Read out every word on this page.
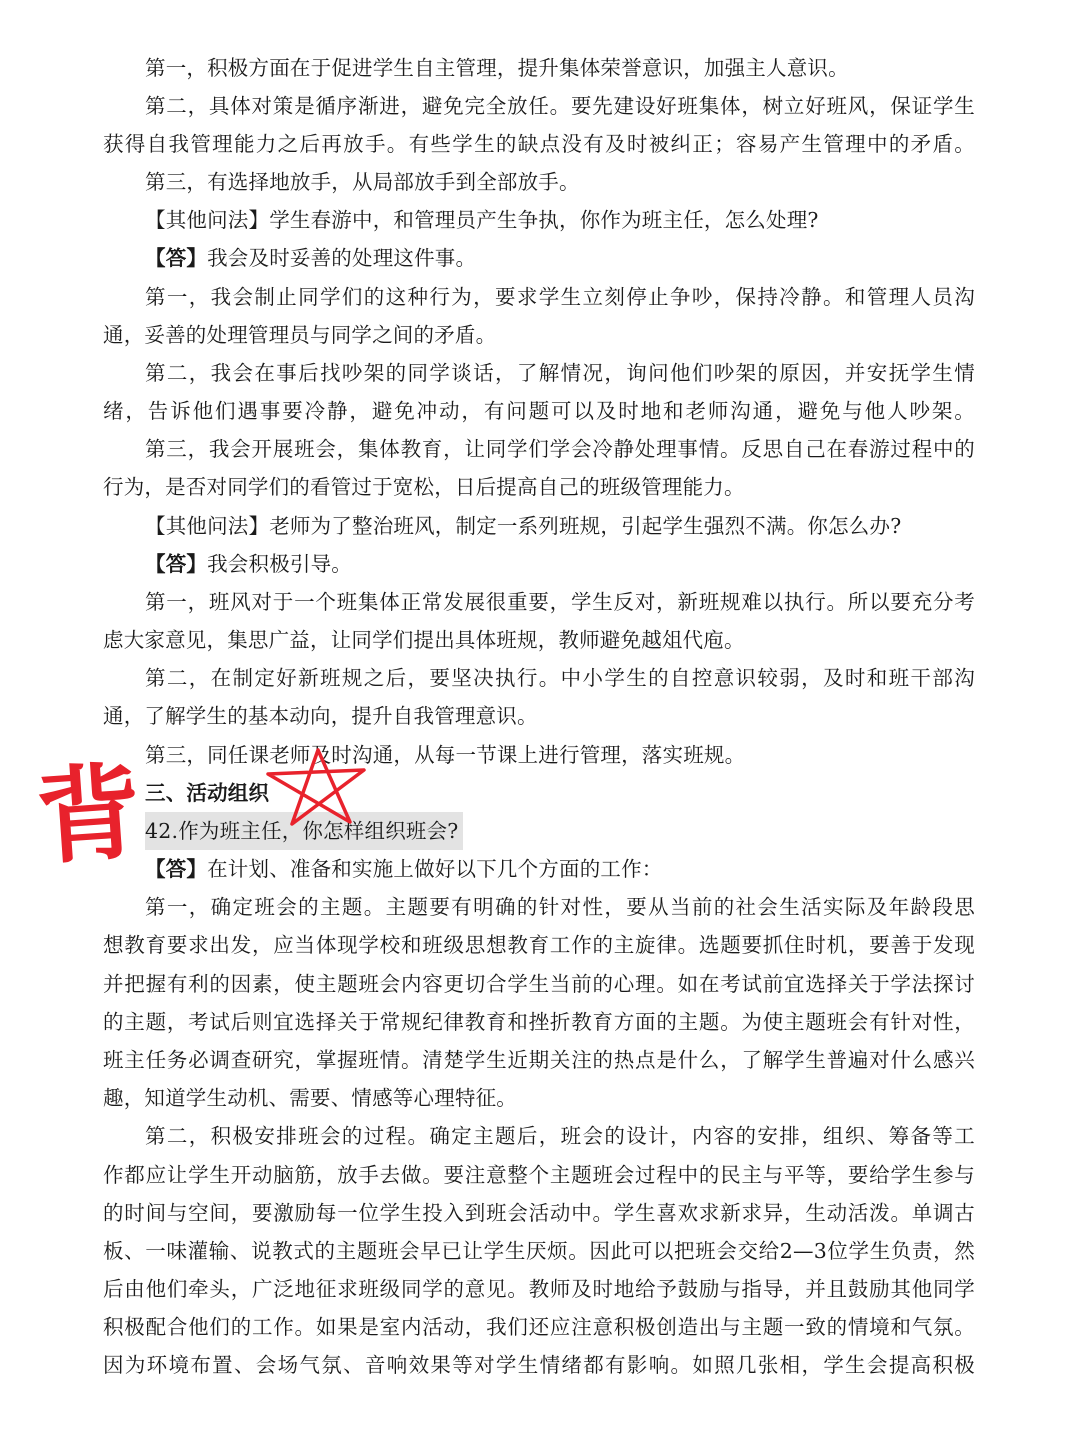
第一，积极方面在于促进学生自主管理，提升集体荣誉意识，加强主人意识。
第二，具体对策是循序渐进，避免完全放任。要先建设好班集体，树立好班风，保证学生
获得自我管理能力之后再放手。有些学生的缺点没有及时被纠正；容易产生管理中的矛盾。
第三，有选择地放手，从局部放手到全部放手。
【其他问法】学生春游中，和管理员产生争执，你作为班主任，怎么处理?
【答】我会及时妥善的处理这件事。
第一，我会制止同学们的这种行为，要求学生立刻停止争吵，保持冷静。和管理人员沟
通，妥善的处理管理员与同学之间的矛盾。
第二，我会在事后找吵架的同学谈话，了解情况，询问他们吵架的原因，并安抚学生情
绪，告诉他们遇事要冷静，避免冲动，有问题可以及时地和老师沟通，避免与他人吵架。
第三，我会开展班会，集体教育，让同学们学会冷静处理事情。反思自己在春游过程中的
行为，是否对同学们的看管过于宽松，日后提高自己的班级管理能力。
【其他问法】老师为了整治班风，制定一系列班规，引起学生强烈不满。你怎么办?
【答】我会积极引导。
第一，班风对于一个班集体正常发展很重要，学生反对，新班规难以执行。所以要充分考
虑大家意见，集思广益，让同学们提出具体班规，教师避免越俎代庖。
第二，在制定好新班规之后，要坚决执行。中小学生的自控意识较弱，及时和班干部沟
通，了解学生的基本动向，提升自我管理意识。
第三，同任课老师及时沟通，从每一节课上进行管理，落实班规。
三、活动组织
42.作为班主任，你怎样组织班会?
【答】在计划、准备和实施上做好以下几个方面的工作：
第一，确定班会的主题。主题要有明确的针对性，要从当前的社会生活实际及年龄段思
想教育要求出发，应当体现学校和班级思想教育工作的主旋律。选题要抓住时机，要善于发现
并把握有利的因素，使主题班会内容更切合学生当前的心理。如在考试前宜选择关于学法探讨
的主题，考试后则宜选择关于常规纪律教育和挫折教育方面的主题。为使主题班会有针对性，
班主任务必调查研究，掌握班情。清楚学生近期关注的热点是什么，了解学生普遍对什么感兴
趣，知道学生动机、需要、情感等心理特征。
第二，积极安排班会的过程。确定主题后，班会的设计，内容的安排，组织、筹备等工
作都应让学生开动脑筋，放手去做。要注意整个主题班会过程中的民主与平等，要给学生参与
的时间与空间，要激励每一位学生投入到班会活动中。学生喜欢求新求异，生动活泼。单调古
板、一味灌输、说教式的主题班会早已让学生厌烦。因此可以把班会交给2—3位学生负责，然
后由他们牵头，广泛地征求班级同学的意见。教师及时地给予鼓励与指导，并且鼓励其他同学
积极配合他们的工作。如果是室内活动，我们还应注意积极创造出与主题一致的情境和气氛。
因为环境布置、会场气氛、音响效果等对学生情绪都有影响。如照几张相，学生会提高积极
背
